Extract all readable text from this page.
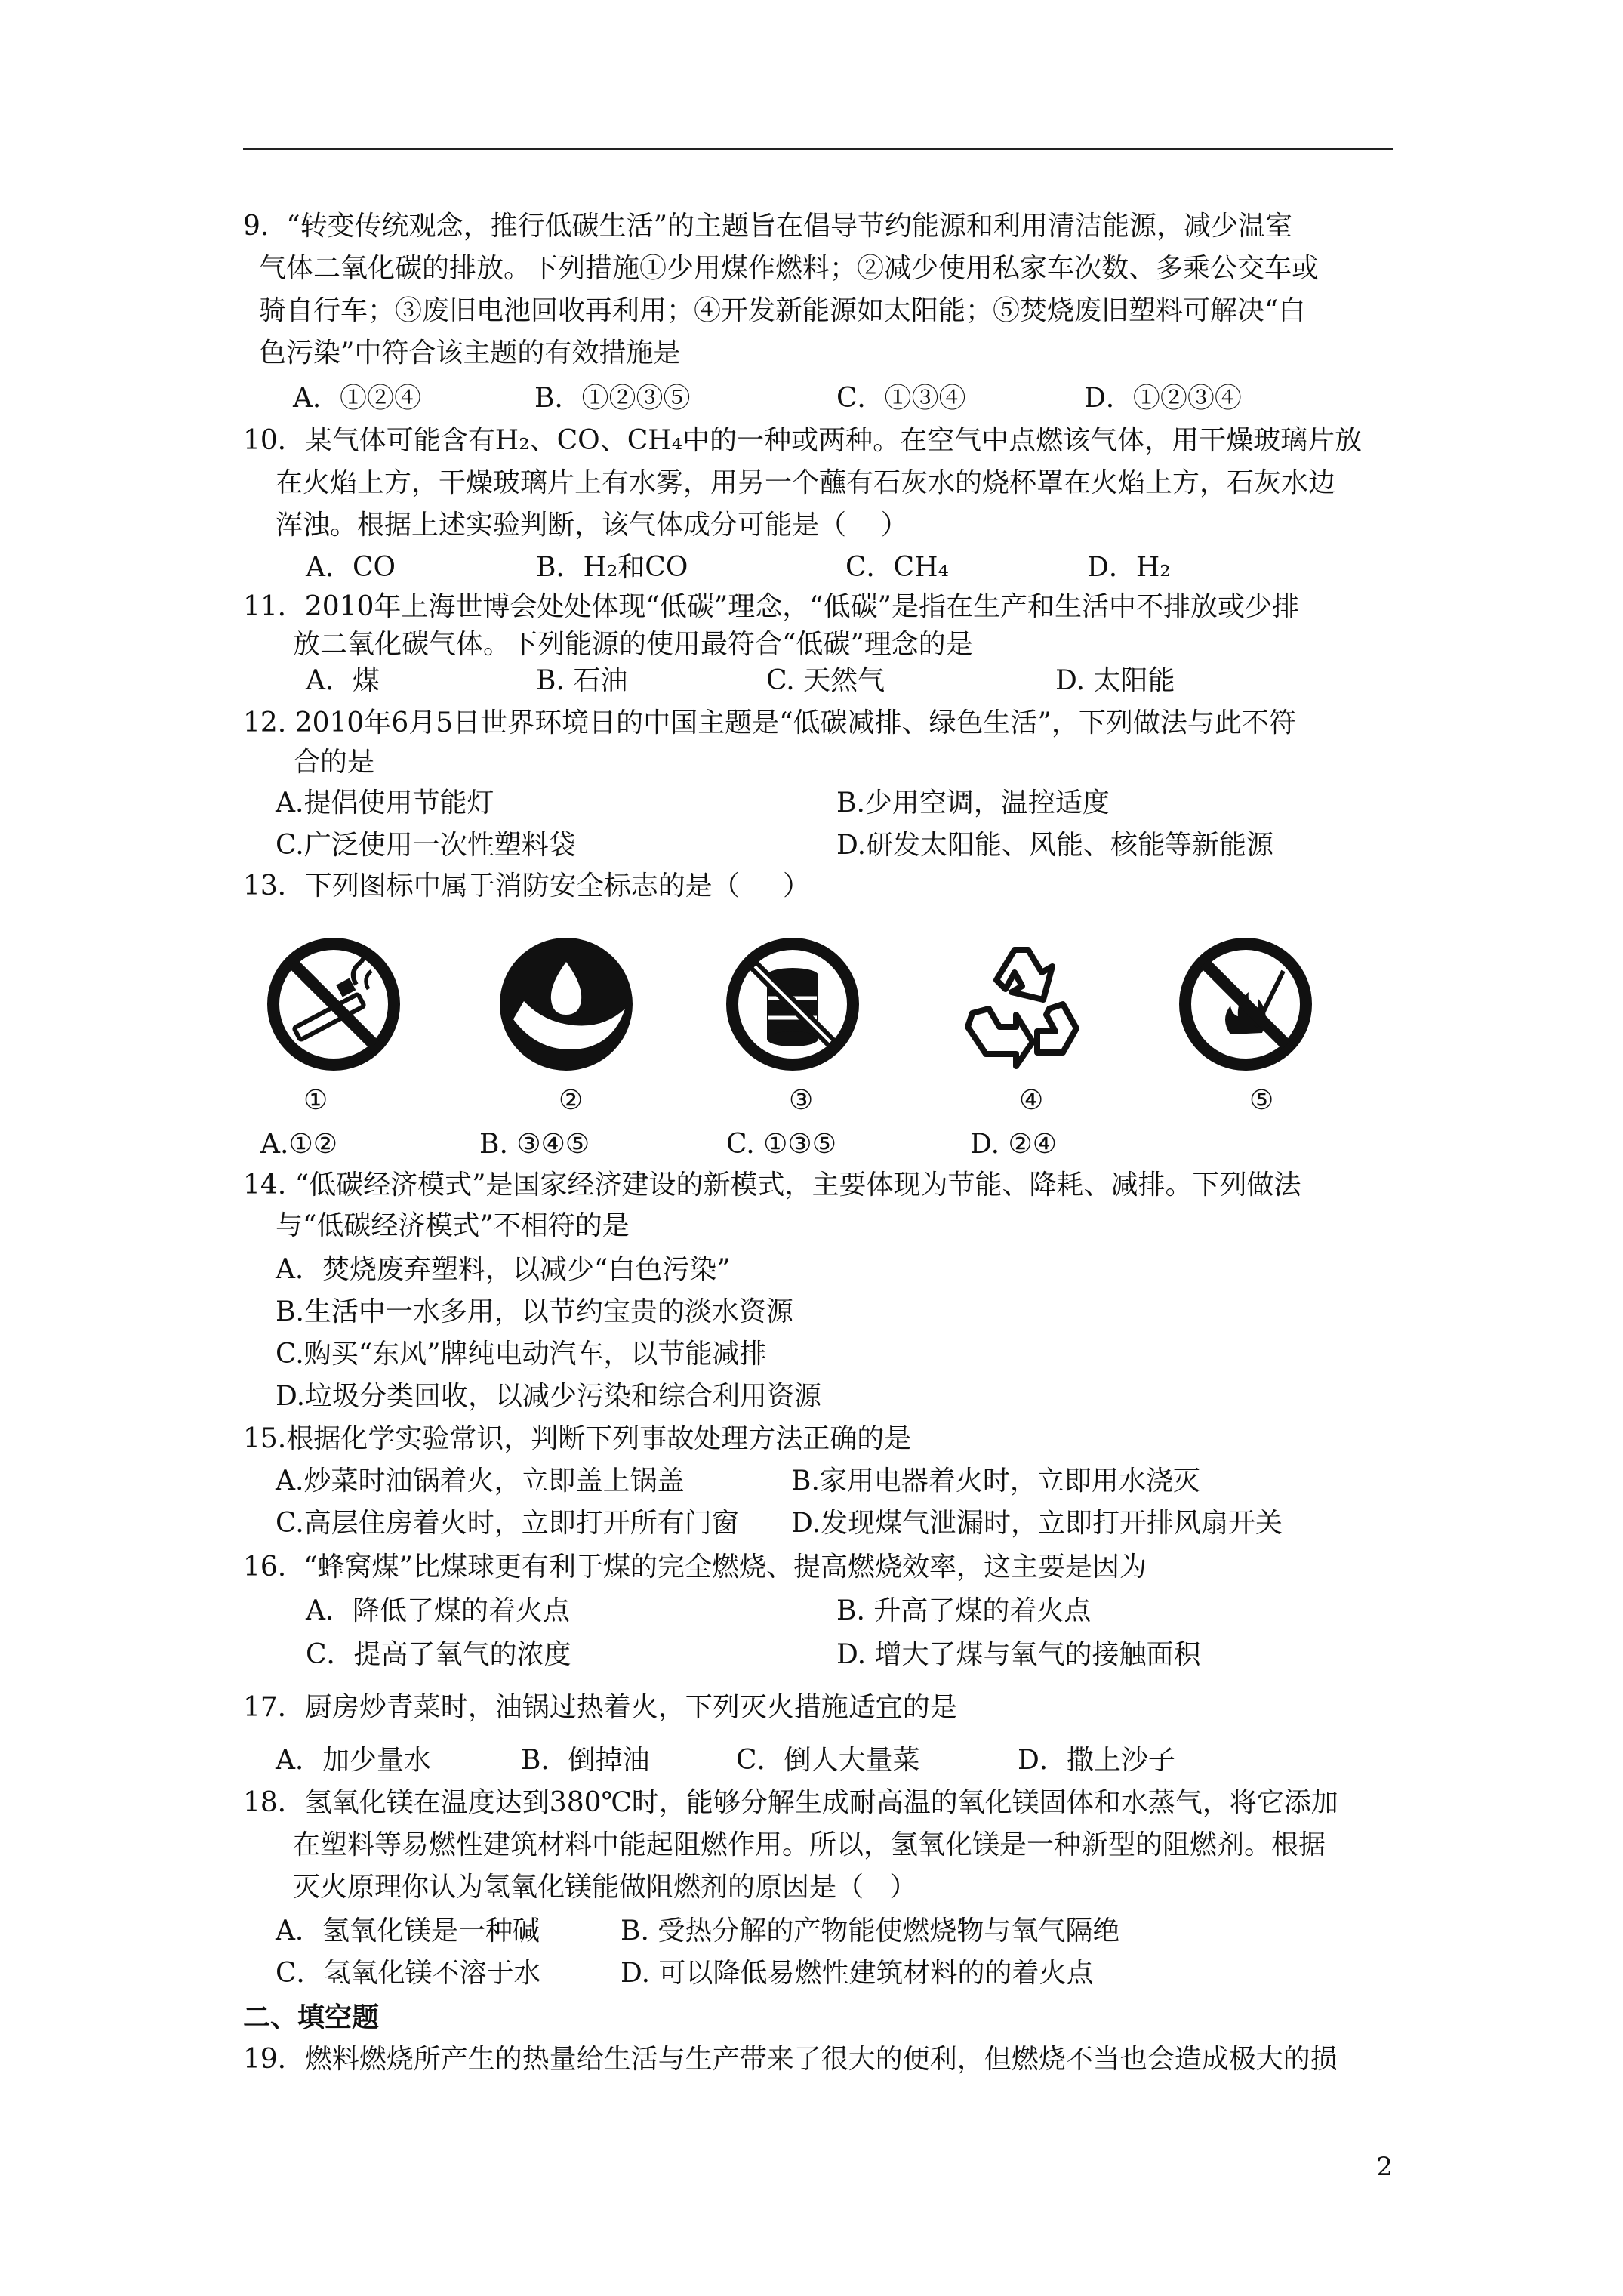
9.  “转变传统观念，推行低碳生活”的主题旨在倡导节约能源和利用清洁能源，减少温室
气体二氧化碳的排放。下列措施①少用煤作燃料；②减少使用私家车次数、多乘公交车或
骑自行车；③废旧电池回收再利用；④开发新能源如太阳能；⑤焚烧废旧塑料可解决“白
色污染”中符合该主题的有效措施是
A．①②④	B．①②③⑤	C．①③④	D．①②③④
10．某气体可能含有H₂、CO、CH₄中的一种或两种。在空气中点燃该气体，用干燥玻璃片放
在火焰上方，干燥玻璃片上有水雾，用另一个蘸有石灰水的烧杯罩在火焰上方，石灰水边
浑浊。根据上述实验判断，该气体成分可能是（    ）
A．CO	B．H₂和CO	C．CH₄	D．H₂
11．2010年上海世博会处处体现“低碳”理念，“低碳”是指在生产和生活中不排放或少排
放二氧化碳气体。下列能源的使用最符合“低碳”理念的是
A．煤	B. 石油	C. 天然气	D. 太阳能
12. 2010年6月5日世界环境日的中国主题是“低碳减排、绿色生活”，下列做法与此不符
合的是
A.提倡使用节能灯	B.少用空调，温控适度
C.广泛使用一次性塑料袋	D.研发太阳能、风能、核能等新能源
13．下列图标中属于消防安全标志的是（     ）
①	②	③	④	⑤
A.①②	B. ③④⑤	C. ①③⑤	D. ②④
14. “低碳经济模式”是国家经济建设的新模式，主要体现为节能、降耗、减排。下列做法
与“低碳经济模式”不相符的是
A．焚烧废弃塑料，以减少“白色污染”
B.生活中一水多用，以节约宝贵的淡水资源
C.购买“东风”牌纯电动汽车，以节能减排
D.垃圾分类回收，以减少污染和综合利用资源
15.根据化学实验常识，判断下列事故处理方法正确的是
A.炒菜时油锅着火，立即盖上锅盖	B.家用电器着火时，立即用水浇灭
C.高层住房着火时，立即打开所有门窗 D.发现煤气泄漏时，立即打开排风扇开关
16.  “蜂窝煤”比煤球更有利于煤的完全燃烧、提高燃烧效率，这主要是因为
A．降低了煤的着火点	B. 升高了煤的着火点
C．提高了氧气的浓度	D. 增大了煤与氧气的接触面积
17．厨房炒青菜时，油锅过热着火，下列灭火措施适宜的是
A．加少量水	B．倒掉油	C．倒人大量菜	D．撒上沙子
18．氢氧化镁在温度达到380℃时，能够分解生成耐高温的氧化镁固体和水蒸气，将它添加
在塑料等易燃性建筑材料中能起阻燃作用。所以，氢氧化镁是一种新型的阻燃剂。根据
灭火原理你认为氢氧化镁能做阻燃剂的原因是（   ）
A．氢氧化镁是一种碱	B. 受热分解的产物能使燃烧物与氧气隔绝
C．氢氧化镁不溶于水	D. 可以降低易燃性建筑材料的的着火点
二、填空题
19．燃料燃烧所产生的热量给生活与生产带来了很大的便利，但燃烧不当也会造成极大的损
2
